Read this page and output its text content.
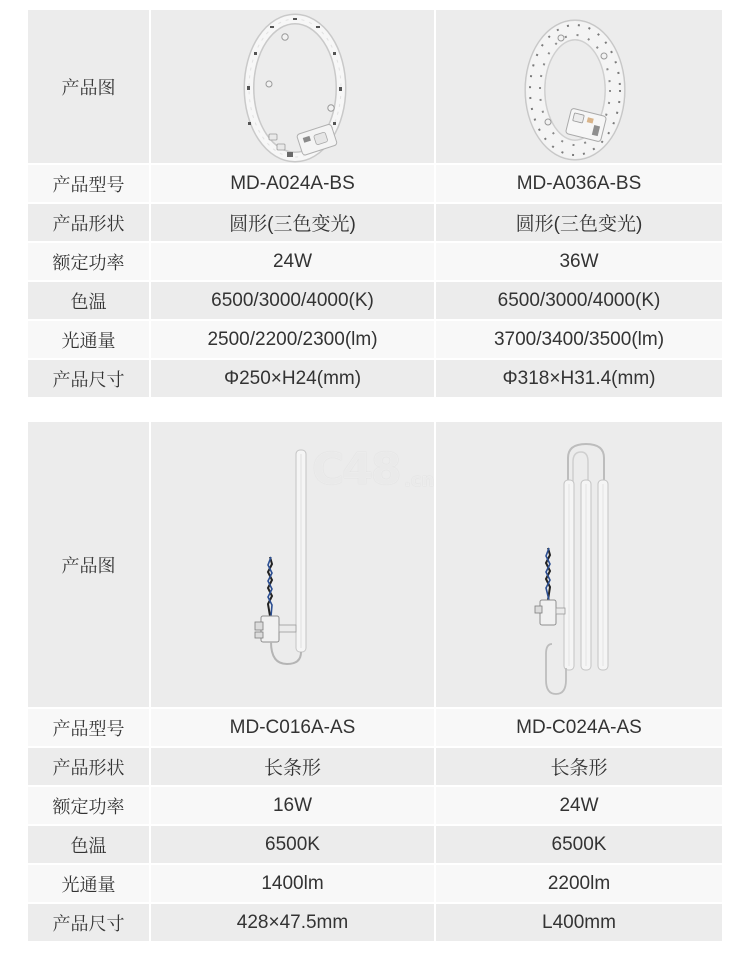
产品图
产品型号	MD-A024A-BS	MD-A036A-BS
产品形状	圆形(三色变光)	圆形(三色变光)
额定功率	24W	36W
色温	6500/3000/4000(K)	6500/3000/4000(K)
光通量	2500/2200/2300(lm)	3700/3400/3500(lm)
产品尺寸	Φ250×H24(mm)	Φ318×H31.4(mm)
产品图
产品型号	MD-C016A-AS	MD-C024A-AS
产品形状	长条形	长条形
额定功率	16W	24W
色温	6500K	6500K
光通量	1400lm	2200lm
产品尺寸	428×47.5mm	L400mm
C48 .cn
